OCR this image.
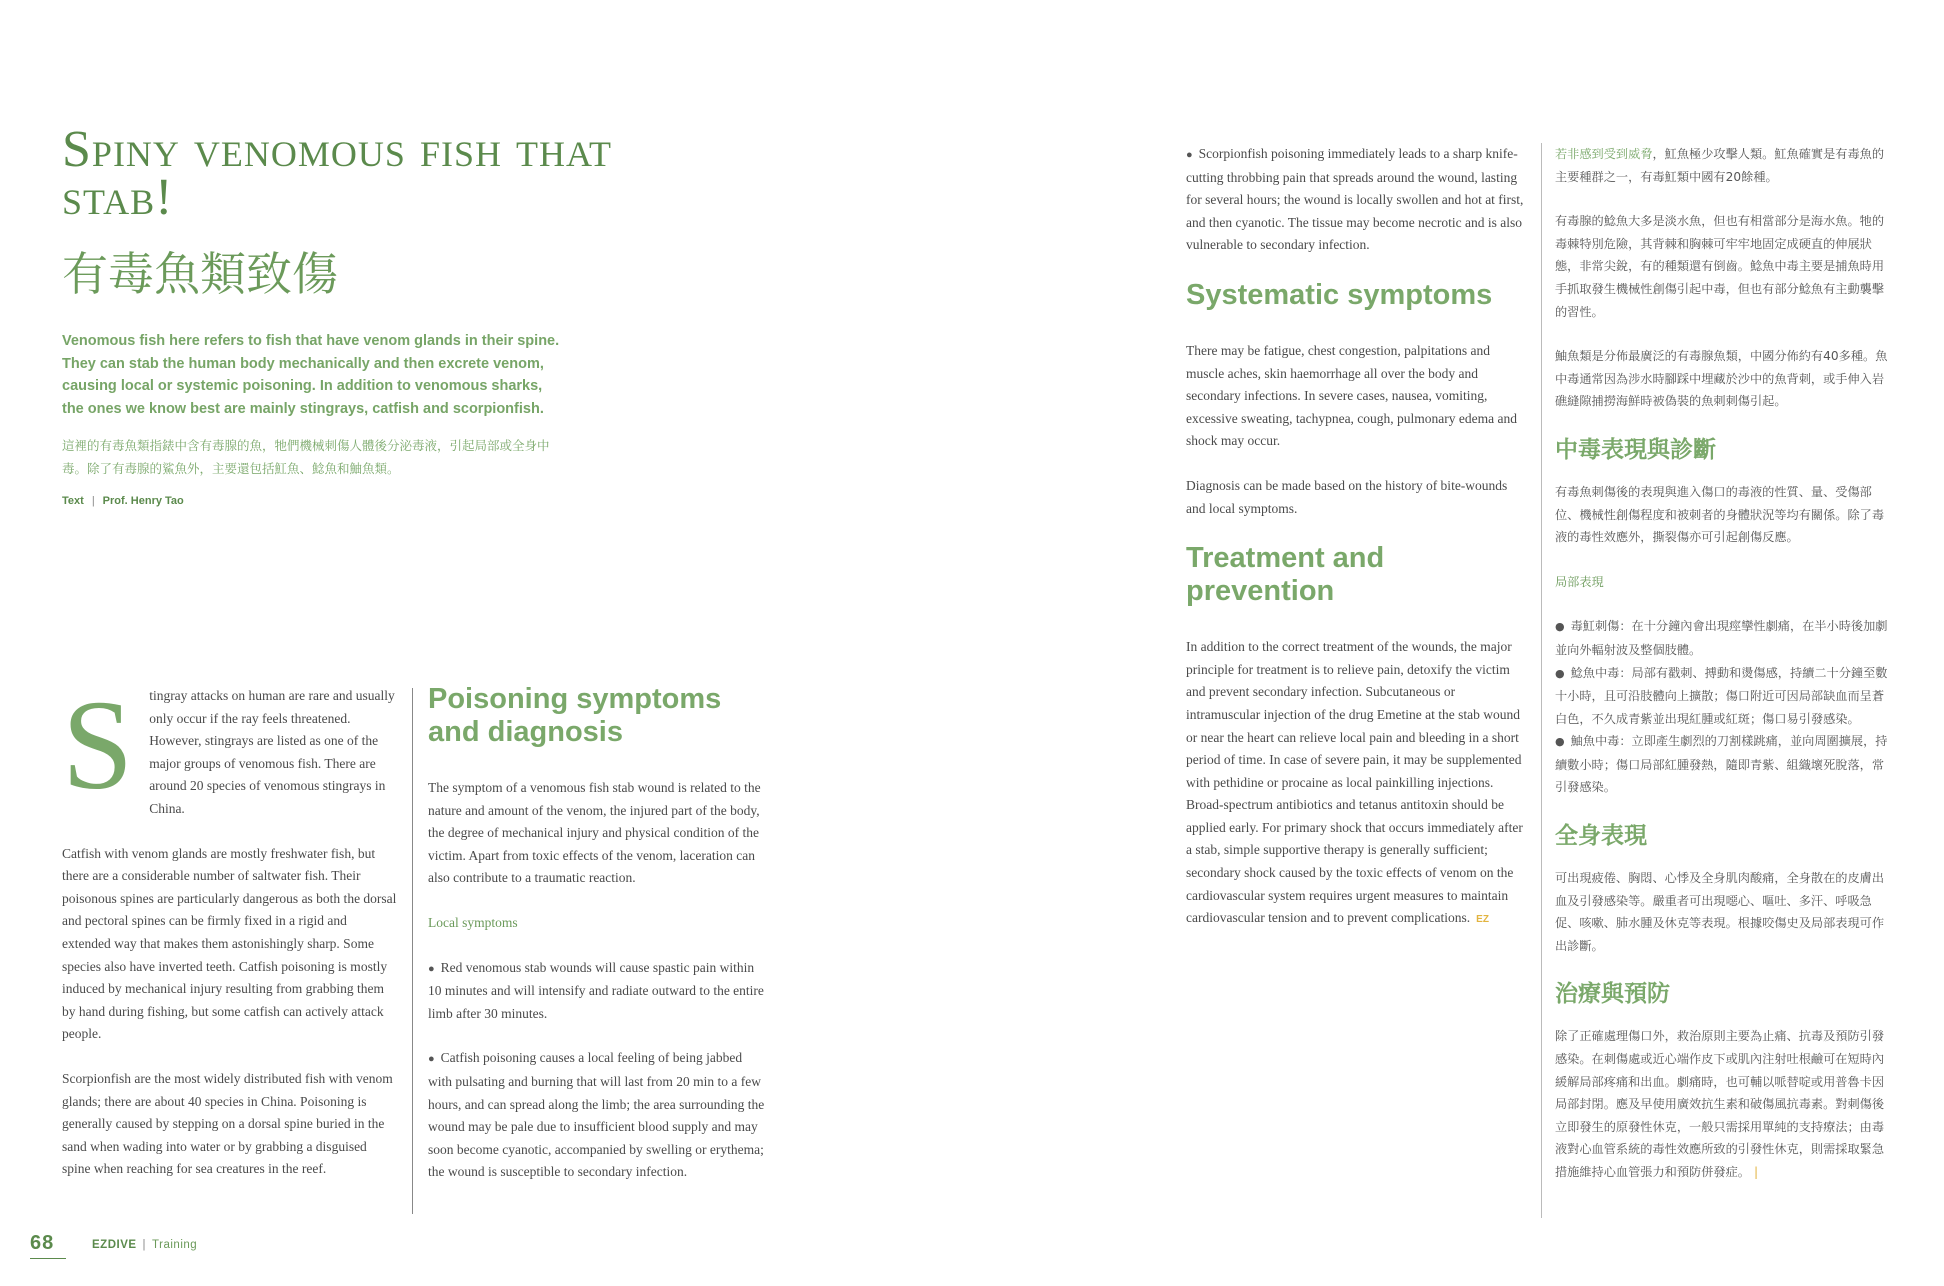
Spiny venomous fish that stab!
有毒魚類致傷

Venomous fish here refers to fish that have venom glands in their spine. They can stab the human body mechanically and then excrete venom, causing local or systemic poisoning. In addition to venomous sharks, the ones we know best are mainly stingrays, catfish and scorpionfish.

這裡的有毒魚類指錶中含有毒腺的魚，牠們機械刺傷人體後分泌毒液，引起局部或全身中毒。除了有毒腺的鯊魚外，主要還包括魟魚、鯰魚和鮋魚類。

Text | Prof. Henry Tao
S	tingray attacks on human are rare and usually only occur if the ray feels threatened. However, stingrays are listed as one of the major groups of venomous fish. There are around 20 species of venomous stingrays in China.

Catfish with venom glands are mostly freshwater fish, but there are a considerable number of saltwater fish. Their poisonous spines are particularly dangerous as both the dorsal and pectoral spines can be firmly fixed in a rigid and extended way that makes them astonishingly sharp. Some species also have inverted teeth. Catfish poisoning is mostly induced by mechanical injury resulting from grabbing them by hand during fishing, but some catfish can actively attack people.

Scorpionfish are the most widely distributed fish with venom glands; there are about 40 species in China. Poisoning is generally caused by stepping on a dorsal spine buried in the sand when wading into water or by grabbing a disguised spine when reaching for sea creatures in the reef.

Poisoning symptoms and diagnosis

The symptom of a venomous fish stab wound is related to the nature and amount of the venom, the injured part of the body, the degree of mechanical injury and physical condition of the victim. Apart from toxic effects of the venom, laceration can also contribute to a traumatic reaction.

Local symptoms

● Red venomous stab wounds will cause spastic pain within 10 minutes and will intensify and radiate outward to the entire limb after 30 minutes.

● Catfish poisoning causes a local feeling of being jabbed with pulsating and burning that will last from 20 min to a few hours, and can spread along the limb; the area surrounding the wound may be pale due to insufficient blood supply and may soon become cyanotic, accompanied by swelling or erythema; the wound is susceptible to secondary infection.

● Scorpionfish poisoning immediately leads to a sharp knife-cutting throbbing pain that spreads around the wound, lasting for several hours; the wound is locally swollen and hot at first, and then cyanotic. The tissue may become necrotic and is also vulnerable to secondary infection.

Systematic symptoms

There may be fatigue, chest congestion, palpitations and muscle aches, skin haemorrhage all over the body and secondary infections. In severe cases, nausea, vomiting, excessive sweating, tachypnea, cough, pulmonary edema and shock may occur.

Diagnosis can be made based on the history of bite-wounds and local symptoms.

Treatment and prevention

In addition to the correct treatment of the wounds, the major principle for treatment is to relieve pain, detoxify the victim and prevent secondary infection. Subcutaneous or intramuscular injection of the drug Emetine at the stab wound or near the heart can relieve local pain and bleeding in a short period of time. In case of severe pain, it may be supplemented with pethidine or procaine as local painkilling injections. Broad-spectrum antibiotics and tetanus antitoxin should be applied early. For primary shock that occurs immediately after a stab, simple supportive therapy is generally sufficient; secondary shock caused by the toxic effects of venom on the cardiovascular system requires urgent measures to maintain cardiovascular tension and to prevent complications. EZ

若非感到受到威脅，魟魚極少攻擊人類。魟魚確實是有毒魚的主要種群之一，有毒魟類中國有20餘種。

有毒腺的鯰魚大多是淡水魚，但也有相當部分是海水魚。牠的毒棘特別危險，其背棘和胸棘可牢牢地固定成硬直的伸展狀態，非常尖銳，有的種類還有倒齒。鯰魚中毒主要是捕魚時用手抓取發生機械性創傷引起中毒，但也有部分鯰魚有主動襲擊的習性。

鮋魚類是分佈最廣泛的有毒腺魚類，中國分佈約有40多種。魚中毒通常因為涉水時腳踩中埋藏於沙中的魚背刺，或手伸入岩礁縫隙捕撈海鮮時被偽裝的魚刺刺傷引起。

中毒表現與診斷

有毒魚刺傷後的表現與進入傷口的毒液的性質、量、受傷部位、機械性創傷程度和被刺者的身體狀況等均有關係。除了毒液的毒性效應外，撕裂傷亦可引起創傷反應。

局部表現

● 毒魟刺傷：在十分鐘內會出現痙攣性劇痛，在半小時後加劇並向外輻射波及整個肢體。

● 鯰魚中毒：局部有戳刺、搏動和燙傷感，持續二十分鐘至數十小時，且可沿肢體向上擴散；傷口附近可因局部缺血而呈蒼白色，不久成青紫並出現紅腫或紅斑；傷口易引發感染。

● 鮋魚中毒：立即產生劇烈的刀割樣跳痛，並向周圍擴展，持續數小時；傷口局部紅腫發熱，隨即青紫、組織壞死脫落，常引發感染。

全身表現

可出現疲倦、胸悶、心悸及全身肌肉酸痛，全身散在的皮膚出血及引發感染等。嚴重者可出現噁心、嘔吐、多汗、呼吸急促、咳嗽、肺水腫及休克等表現。根據咬傷史及局部表現可作出診斷。

治療與預防

除了正確處理傷口外，救治原則主要為止痛、抗毒及預防引發感染。在刺傷處或近心端作皮下或肌內注射吐根鹼可在短時內緩解局部疼痛和出血。劇痛時，也可輔以哌替啶或用普魯卡因局部封閉。應及早使用廣效抗生素和破傷風抗毒素。對刺傷後立即發生的原發性休克，一般只需採用單純的支持療法；由毒液對心血管系統的毒性效應所致的引發性休克，則需採取緊急措施維持心血管張力和預防併發症。 |

68	EZDIVE | Training
